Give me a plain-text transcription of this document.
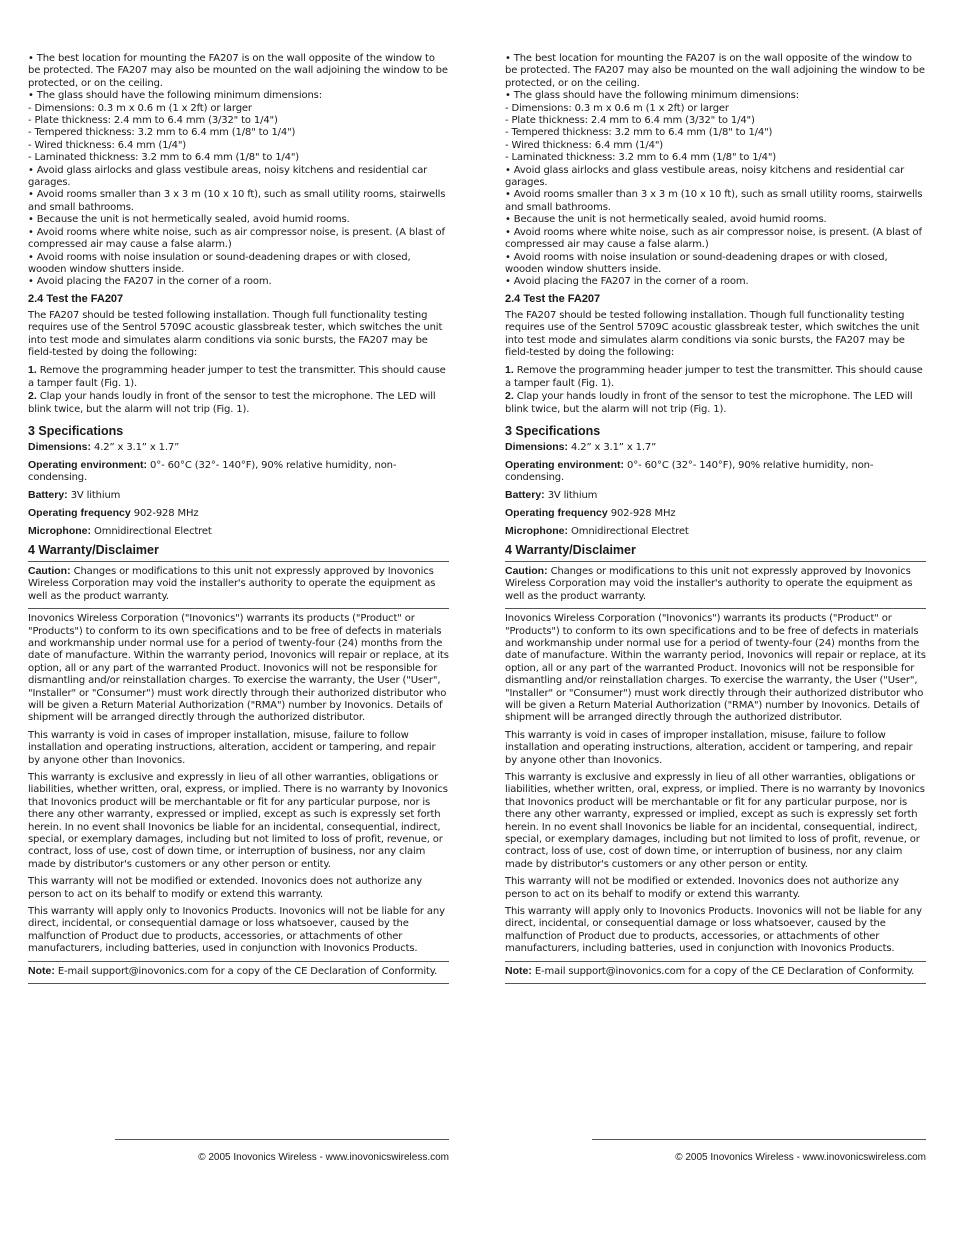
• The best location for mounting the FA207 is on the wall opposite of the window to be protected. The FA207 may also be mounted on the wall adjoining the window to be protected, or on the ceiling.

• The glass should have the following minimum dimensions:

- Dimensions: 0.3 m x 0.6 m (1 x 2ft) or larger

- Plate thickness: 2.4 mm to 6.4 mm (3/32" to 1/4")

- Tempered thickness: 3.2 mm to 6.4 mm (1/8" to 1/4")

- Wired thickness: 6.4 mm (1/4")

- Laminated thickness: 3.2 mm to 6.4 mm (1/8" to 1/4")

• Avoid glass airlocks and glass vestibule areas, noisy kitchens and residential car garages.

• Avoid rooms smaller than 3 x 3 m (10 x 10 ft), such as small utility rooms, stairwells and small bathrooms.

• Because the unit is not hermetically sealed, avoid humid rooms.

• Avoid rooms where white noise, such as air compressor noise, is present. (A blast of compressed air may cause a false alarm.)

• Avoid rooms with noise insulation or sound-deadening drapes or with closed, wooden window shutters inside.

• Avoid placing the FA207 in the corner of a room.

2.4 Test the FA207

The FA207 should be tested following installation. Though full functionality testing requires use of the Sentrol 5709C acoustic glassbreak tester, which switches the unit into test mode and simulates alarm conditions via sonic bursts, the FA207 may be field-tested by doing the following:

1. Remove the programming header jumper to test the transmitter. This should cause a tamper fault (Fig. 1).

2. Clap your hands loudly in front of the sensor to test the microphone. The LED will blink twice, but the alarm will not trip (Fig. 1).

3 Specifications

Dimensions: 4.2” x 3.1” x 1.7”

Operating environment: 0°- 60°C (32°- 140°F), 90% relative humidity, non-condensing.

Battery: 3V lithium

Operating frequency 902-928 MHz

Microphone: Omnidirectional Electret

4 Warranty/Disclaimer

Caution: Changes or modifications to this unit not expressly approved by Inovonics Wireless Corporation may void the installer's authority to operate the equipment as well as the product warranty.

Inovonics Wireless Corporation ("Inovonics") warrants its products ("Product" or "Products") to conform to its own specifications and to be free of defects in materials and workmanship under normal use for a period of twenty-four (24) months from the date of manufacture. Within the warranty period, Inovonics will repair or replace, at its option, all or any part of the warranted Product. Inovonics will not be responsible for dismantling and/or reinstallation charges. To exercise the warranty, the User ("User", "Installer" or "Consumer") must work directly through their authorized distributor who will be given a Return Material Authorization ("RMA") number by Inovonics. Details of shipment will be arranged directly through the authorized distributor.

This warranty is void in cases of improper installation, misuse, failure to follow installation and operating instructions, alteration, accident or tampering, and repair by anyone other than Inovonics.

This warranty is exclusive and expressly in lieu of all other warranties, obligations or liabilities, whether written, oral, express, or implied. There is no warranty by Inovonics that Inovonics product will be merchantable or fit for any particular purpose, nor is there any other warranty, expressed or implied, except as such is expressly set forth herein. In no event shall Inovonics be liable for an incidental, consequential, indirect, special, or exemplary damages, including but not limited to loss of profit, revenue, or contract, loss of use, cost of down time, or interruption of business, nor any claim made by distributor's customers or any other person or entity.

This warranty will not be modified or extended. Inovonics does not authorize any person to act on its behalf to modify or extend this warranty.

This warranty will apply only to Inovonics Products. Inovonics will not be liable for any direct, incidental, or consequential damage or loss whatsoever, caused by the malfunction of Product due to products, accessories, or attachments of other manufacturers, including batteries, used in conjunction with Inovonics Products.

Note: E-mail support@inovonics.com for a copy of the CE Declaration of Conformity.

• The best location for mounting the FA207 is on the wall opposite of the window to be protected. The FA207 may also be mounted on the wall adjoining the window to be protected, or on the ceiling.

• The glass should have the following minimum dimensions:

- Dimensions: 0.3 m x 0.6 m (1 x 2ft) or larger

- Plate thickness: 2.4 mm to 6.4 mm (3/32" to 1/4")

- Tempered thickness: 3.2 mm to 6.4 mm (1/8" to 1/4")

- Wired thickness: 6.4 mm (1/4")

- Laminated thickness: 3.2 mm to 6.4 mm (1/8" to 1/4")

• Avoid glass airlocks and glass vestibule areas, noisy kitchens and residential car garages.

• Avoid rooms smaller than 3 x 3 m (10 x 10 ft), such as small utility rooms, stairwells and small bathrooms.

• Because the unit is not hermetically sealed, avoid humid rooms.

• Avoid rooms where white noise, such as air compressor noise, is present. (A blast of compressed air may cause a false alarm.)

• Avoid rooms with noise insulation or sound-deadening drapes or with closed, wooden window shutters inside.

• Avoid placing the FA207 in the corner of a room.

2.4 Test the FA207

The FA207 should be tested following installation. Though full functionality testing requires use of the Sentrol 5709C acoustic glassbreak tester, which switches the unit into test mode and simulates alarm conditions via sonic bursts, the FA207 may be field-tested by doing the following:

1. Remove the programming header jumper to test the transmitter. This should cause a tamper fault (Fig. 1).

2. Clap your hands loudly in front of the sensor to test the microphone. The LED will blink twice, but the alarm will not trip (Fig. 1).

3 Specifications

Dimensions: 4.2” x 3.1” x 1.7”

Operating environment: 0°- 60°C (32°- 140°F), 90% relative humidity, non-condensing.

Battery: 3V lithium

Operating frequency 902-928 MHz

Microphone: Omnidirectional Electret

4 Warranty/Disclaimer

Caution: Changes or modifications to this unit not expressly approved by Inovonics Wireless Corporation may void the installer's authority to operate the equipment as well as the product warranty.

Inovonics Wireless Corporation ("Inovonics") warrants its products ("Product" or "Products") to conform to its own specifications and to be free of defects in materials and workmanship under normal use for a period of twenty-four (24) months from the date of manufacture. Within the warranty period, Inovonics will repair or replace, at its option, all or any part of the warranted Product. Inovonics will not be responsible for dismantling and/or reinstallation charges. To exercise the warranty, the User ("User", "Installer" or "Consumer") must work directly through their authorized distributor who will be given a Return Material Authorization ("RMA") number by Inovonics. Details of shipment will be arranged directly through the authorized distributor.

This warranty is void in cases of improper installation, misuse, failure to follow installation and operating instructions, alteration, accident or tampering, and repair by anyone other than Inovonics.

This warranty is exclusive and expressly in lieu of all other warranties, obligations or liabilities, whether written, oral, express, or implied. There is no warranty by Inovonics that Inovonics product will be merchantable or fit for any particular purpose, nor is there any other warranty, expressed or implied, except as such is expressly set forth herein. In no event shall Inovonics be liable for an incidental, consequential, indirect, special, or exemplary damages, including but not limited to loss of profit, revenue, or contract, loss of use, cost of down time, or interruption of business, nor any claim made by distributor's customers or any other person or entity.

This warranty will not be modified or extended. Inovonics does not authorize any person to act on its behalf to modify or extend this warranty.

This warranty will apply only to Inovonics Products. Inovonics will not be liable for any direct, incidental, or consequential damage or loss whatsoever, caused by the malfunction of Product due to products, accessories, or attachments of other manufacturers, including batteries, used in conjunction with Inovonics Products.

Note: E-mail support@inovonics.com for a copy of the CE Declaration of Conformity.

© 2005 Inovonics Wireless - www.inovonicswireless.com	© 2005 Inovonics Wireless - www.inovonicswireless.com
